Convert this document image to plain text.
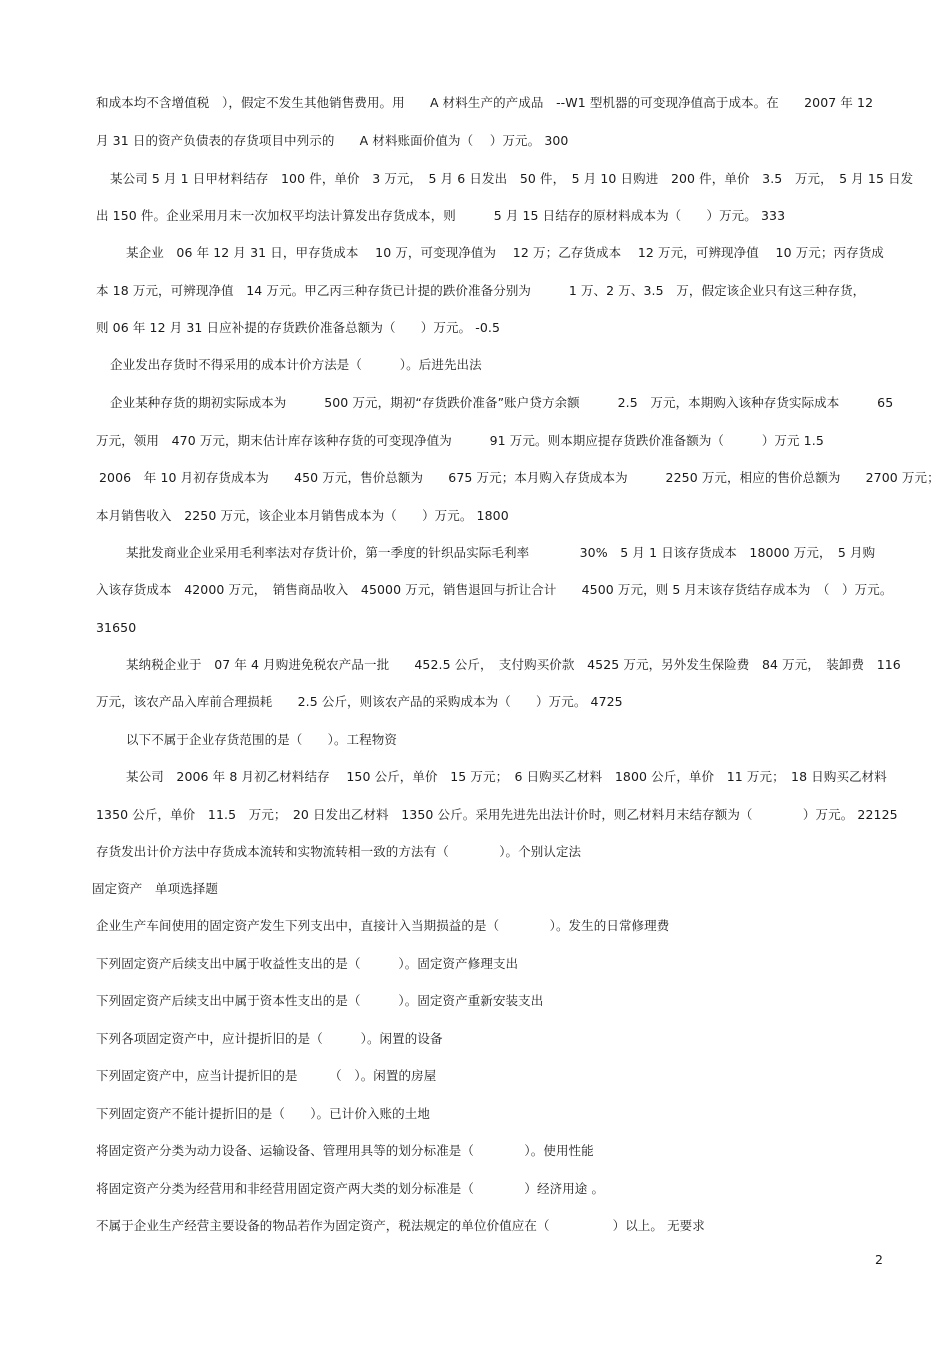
和成本均不含增值税　），假定不发生其他销售费用。用　　A 材料生产的产成品　--W1 型机器的可变现净值高于成本。在　　2007 年 12
月 31 日的资产负债表的存货项目中列示的　　A 材料账面价值为（　 ）万元。 300
某公司 5 月 1 日甲材料结存　100 件，单价　3 万元，　5 月 6 日发出　50 件，　5 月 10 日购进　200 件，单价　3.5　万元，　5 月 15 日发
出 150 件。企业采用月末一次加权平均法计算发出存货成本，则　　　5 月 15 日结存的原材料成本为（　　）万元。 333
某企业　06 年 12 月 31 日，甲存货成本　 10 万，可变现净值为　 12 万；乙存货成本　 12 万元，可辨现净值　 10 万元；丙存货成
本 18 万元，可辨现净值　14 万元。甲乙丙三种存货已计提的跌价准备分别为　　　1 万、2 万、3.5　万，假定该企业只有这三种存货，
则 06 年 12 月 31 日应补提的存货跌价准备总额为（　　）万元。 -0.5
企业发出存货时不得采用的成本计价方法是（　　　）。后进先出法
企业某种存货的期初实际成本为　　　500 万元，期初“存货跌价准备”账户贷方余额　　　2.5　万元，本期购入该种存货实际成本　　　65
万元，领用　470 万元，期末估计库存该种存货的可变现净值为　　　91 万元。则本期应提存货跌价准备额为（　　　）万元 1.5
2006　年 10 月初存货成本为　　450 万元，售价总额为　　675 万元；本月购入存货成本为　　　2250 万元，相应的售价总额为　　2700 万元；
本月销售收入　2250 万元，该企业本月销售成本为（　　）万元。 1800
某批发商业企业采用毛利率法对存货计价，第一季度的针织品实际毛利率　　　　30%　5 月 1 日该存货成本　18000 万元，　5 月购
入该存货成本　42000 万元，　销售商品收入　45000 万元，销售退回与折让合计　　4500 万元，则 5 月末该存货结存成本为　（　）万元。
31650
某纳税企业于　07 年 4 月购进免税农产品一批　　452.5 公斤，　支付购买价款　4525 万元，另外发生保险费　84 万元，　装卸费　116
万元，该农产品入库前合理损耗　　2.5 公斤，则该农产品的采购成本为（　　）万元。 4725
以下不属于企业存货范围的是（　　）。工程物资
某公司　2006 年 8 月初乙材料结存　 150 公斤，单价　15 万元；　6 日购买乙材料　1800 公斤，单价　11 万元；　18 日购买乙材料
1350 公斤，单价　11.5　万元；　20 日发出乙材料　1350 公斤。采用先进先出法计价时，则乙材料月末结存额为（　　　　）万元。 22125
存货发出计价方法中存货成本流转和实物流转相一致的方法有（　　　　）。个别认定法
固定资产　单项选择题
企业生产车间使用的固定资产发生下列支出中，直接计入当期损益的是（　　　　）。发生的日常修理费
下列固定资产后续支出中属于收益性支出的是（　　　）。固定资产修理支出
下列固定资产后续支出中属于资本性支出的是（　　　）。固定资产重新安装支出
下列各项固定资产中，应计提折旧的是（　　　）。闲置的设备
下列固定资产中，应当计提折旧的是　　　（　）。闲置的房屋
下列固定资产不能计提折旧的是（　　）。已计价入账的土地
将固定资产分类为动力设备、运输设备、管理用具等的划分标准是（　　　　）。使用性能
将固定资产分类为经营用和非经营用固定资产两大类的划分标准是（　　　　）经济用途 。
不属于企业生产经营主要设备的物品若作为固定资产，税法规定的单位价值应在（　　　　　）以上。 无要求
2
